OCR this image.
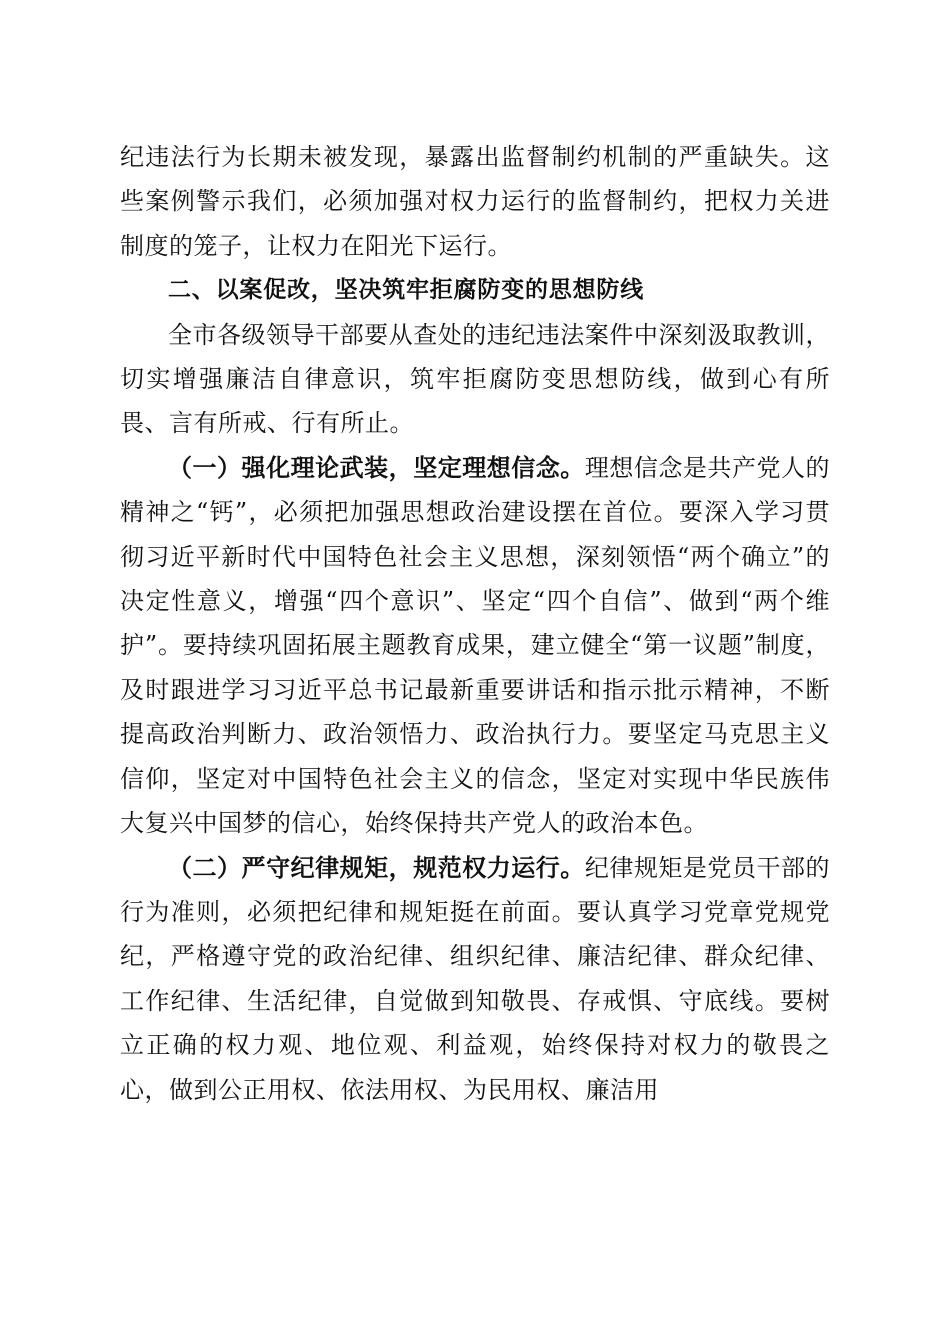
纪违法行为长期未被发现，暴露出监督制约机制的严重缺失。这些案例警示我们，必须加强对权力运行的监督制约，把权力关进制度的笼子，让权力在阳光下运行。

二、以案促改，坚决筑牢拒腐防变的思想防线

全市各级领导干部要从查处的违纪违法案件中深刻汲取教训，切实增强廉洁自律意识，筑牢拒腐防变思想防线，做到心有所畏、言有所戒、行有所止。

（一）强化理论武装，坚定理想信念。理想信念是共产党人的精神之“钙”，必须把加强思想政治建设摆在首位。要深入学习贯彻习近平新时代中国特色社会主义思想，深刻领悟“两个确立”的决定性意义，增强“四个意识”、坚定“四个自信”、做到“两个维护”。要持续巩固拓展主题教育成果，建立健全“第一议题”制度，及时跟进学习习近平总书记最新重要讲话和指示批示精神，不断提高政治判断力、政治领悟力、政治执行力。要坚定马克思主义信仰，坚定对中国特色社会主义的信念，坚定对实现中华民族伟大复兴中国梦的信心，始终保持共产党人的政治本色。

（二）严守纪律规矩，规范权力运行。纪律规矩是党员干部的行为准则，必须把纪律和规矩挺在前面。要认真学习党章党规党纪，严格遵守党的政治纪律、组织纪律、廉洁纪律、群众纪律、工作纪律、生活纪律，自觉做到知敬畏、存戒惧、守底线。要树立正确的权力观、地位观、利益观，始终保持对权力的敬畏之心，做到公正用权、依法用权、为民用权、廉洁用
